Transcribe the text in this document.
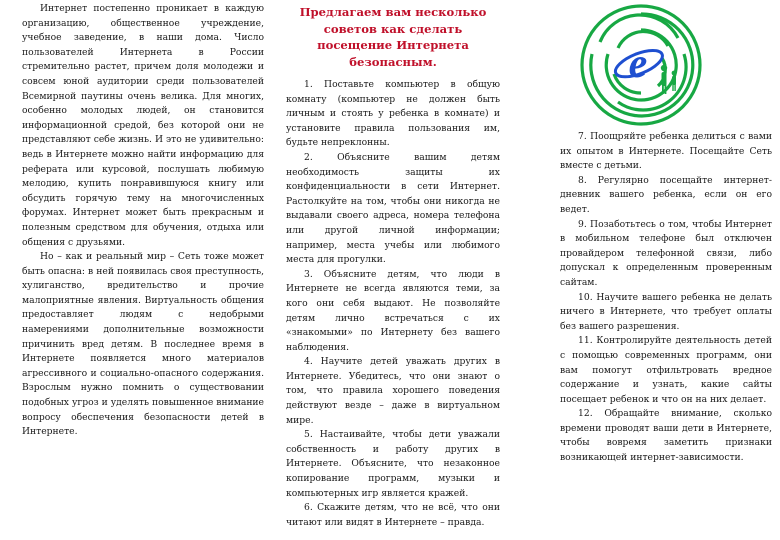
Интернет постепенно проникает в каждую организацию, общественное учреждение, учебное заведение, в наши дома. Число пользователей Интернета в России стремительно растет, причем доля молодежи и совсем юной аудитории среди пользователей Всемирной паутины очень велика. Для многих, особенно молодых людей, он становится информационной средой, без которой они не представляют себе жизнь. И это не удивительно: ведь в Интернете можно найти информацию для реферата или курсовой, послушать любимую мелодию, купить понравившуюся книгу или обсудить горячую тему на многочисленных форумах. Интернет может быть прекрасным и полезным средством для обучения, отдыха или общения с друзьями.

Но – как и реальный мир – Сеть тоже может быть опасна: в ней появилась своя преступность, хулиганство, вредительство и прочие малоприятные явления. Виртуальность общения предоставляет людям с недобрыми намерениями дополнительные возможности причинить вред детям. В последнее время в Интернете появляется много материалов агрессивного и социально-опасного содержания. Взрослым нужно помнить о существовании подобных угроз и уделять повышенное внимание вопросу обеспечения безопасности детей в Интернете.

Предлагаем вам несколько советов как сделать посещение Интернета безопасным.

1. Поставьте компьютер в общую комнату (компьютер не должен быть личным и стоять у ребенка в комнате) и установите правила пользования им, будьте непреклонны.

2. Объясните вашим детям необходимость защиты их конфиденциальности в сети Интернет. Растолкуйте на том, чтобы они никогда не выдавали своего адреса, номера телефона или другой личной информации; например, места учебы или любимого места для прогулки.

3. Объясните детям, что люди в Интернете не всегда являются теми, за кого они себя выдают. Не позволяйте детям лично встречаться с их «знакомыми» по Интернету без вашего наблюдения.

4. Научите детей уважать других в Интернете. Убедитесь, что они знают о том, что правила хорошего поведения действуют везде – даже в виртуальном мире.

5. Настаивайте, чтобы дети уважали собственность и работу других в Интернете. Объясните, что незаконное копирование программ, музыки и компьютерных игр является кражей.

6. Скажите детям, что не всё, что они читают или видят в Интернете – правда.

e

7. Поощряйте ребенка делиться с вами их опытом в Интернете. Посещайте Сеть вместе с детьми.

8. Регулярно посещайте интернет-дневник вашего ребенка, если он его ведет.

9. Позаботьтесь о том, чтобы Интернет в мобильном телефоне был отключен провайдером телефонной связи, либо допускал к определенным проверенным сайтам.

10. Научите вашего ребенка не делать ничего в Интернете, что требует оплаты без вашего разрешения.

11. Контролируйте деятельность детей с помощью современных программ, они вам помогут отфильтровать вредное содержание и узнать, какие сайты посещает ребенок и что он на них делает.

12. Обращайте внимание, сколько времени проводят ваши дети в Интернете, чтобы вовремя заметить признаки возникающей интернет-зависимости.
